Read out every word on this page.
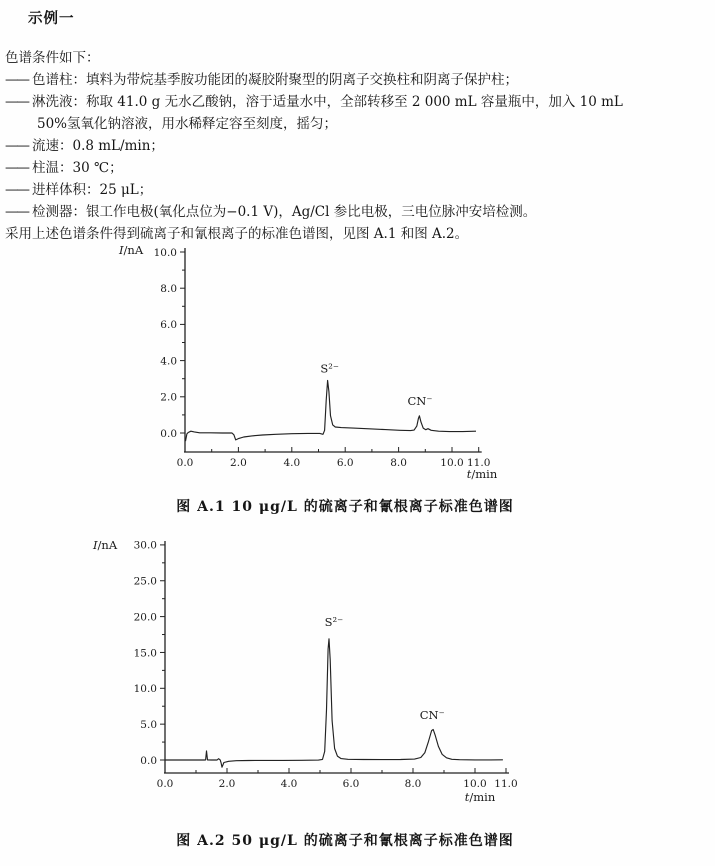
示例一
色谱条件如下：
—— 色谱柱：填料为带烷基季胺功能团的凝胶附聚型的阴离子交换柱和阴离子保护柱；
—— 淋洗液：称取 41.0 g 无水乙酸钠，溶于适量水中，全部转移至 2 000 mL 容量瓶中，加入 10 mL
50%氢氧化钠溶液，用水稀释定容至刻度，摇匀；
—— 流速：0.8 mL/min；
—— 柱温：30 ℃；
—— 进样体积：25 μL；
—— 检测器：银工作电极(氧化点位为−0.1 V)，Ag/Cl 参比电极，三电位脉冲安培检测。
采用上述色谱条件得到硫离子和氰根离子的标准色谱图，见图 A.1 和图 A.2。
0.0
2.0
4.0
6.0
8.0
10.0
0.0	2.0	4.0	6.0	8.0	10.0 11.0
S²⁻
CN⁻
I/nA
t/min
图 A.1 10 μg/L 的硫离子和氰根离子标准色谱图
0.0
5.0
10.0
15.0
20.0
25.0
30.0
0.0	2.0	4.0	6.0	8.0	10.0 11.0
S²⁻
CN⁻
I/nA
t/min
图 A.2 50 μg/L 的硫离子和氰根离子标准色谱图
